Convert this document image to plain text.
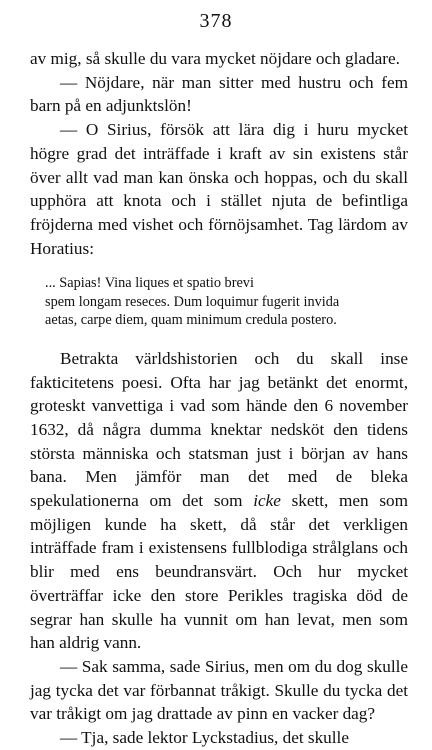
378

av mig, så skulle du vara mycket nöjdare och gladare.

— Nöjdare, när man sitter med hustru och fem barn på en adjunktslön!

— O Sirius, försök att lära dig i huru mycket högre grad det inträffade i kraft av sin existens står över allt vad man kan önska och hoppas, och du skall upphöra att knota och i stället njuta de befintliga fröjderna med vishet och förnöjsamhet. Tag lärdom av Horatius:

... Sapias! Vina liques et spatio brevi
spem longam reseces. Dum loquimur fugerit invida
aetas, carpe diem, quam minimum credula postero.

Betrakta världshistorien och du skall inse fakticitetens poesi. Ofta har jag betänkt det enormt, groteskt vanvettiga i vad som hände den 6 november 1632, då några dumma knektar nedsköt den tidens största människa och statsman just i början av hans bana. Men jämför man det med de bleka spekulationerna om det som icke skett, men som möjligen kunde ha skett, då står det verkligen inträffade fram i existensens fullblodiga strålglans och blir med ens beundransvärt. Och hur mycket överträffar icke den store Perikles tragiska död de segrar han skulle ha vunnit om han levat, men som han aldrig vann.

— Sak samma, sade Sirius, men om du dog skulle jag tycka det var förbannat tråkigt. Skulle du tycka det var tråkigt om jag drattade av pinn en vacker dag?

— Tja, sade lektor Lyckstadius, det skulle
